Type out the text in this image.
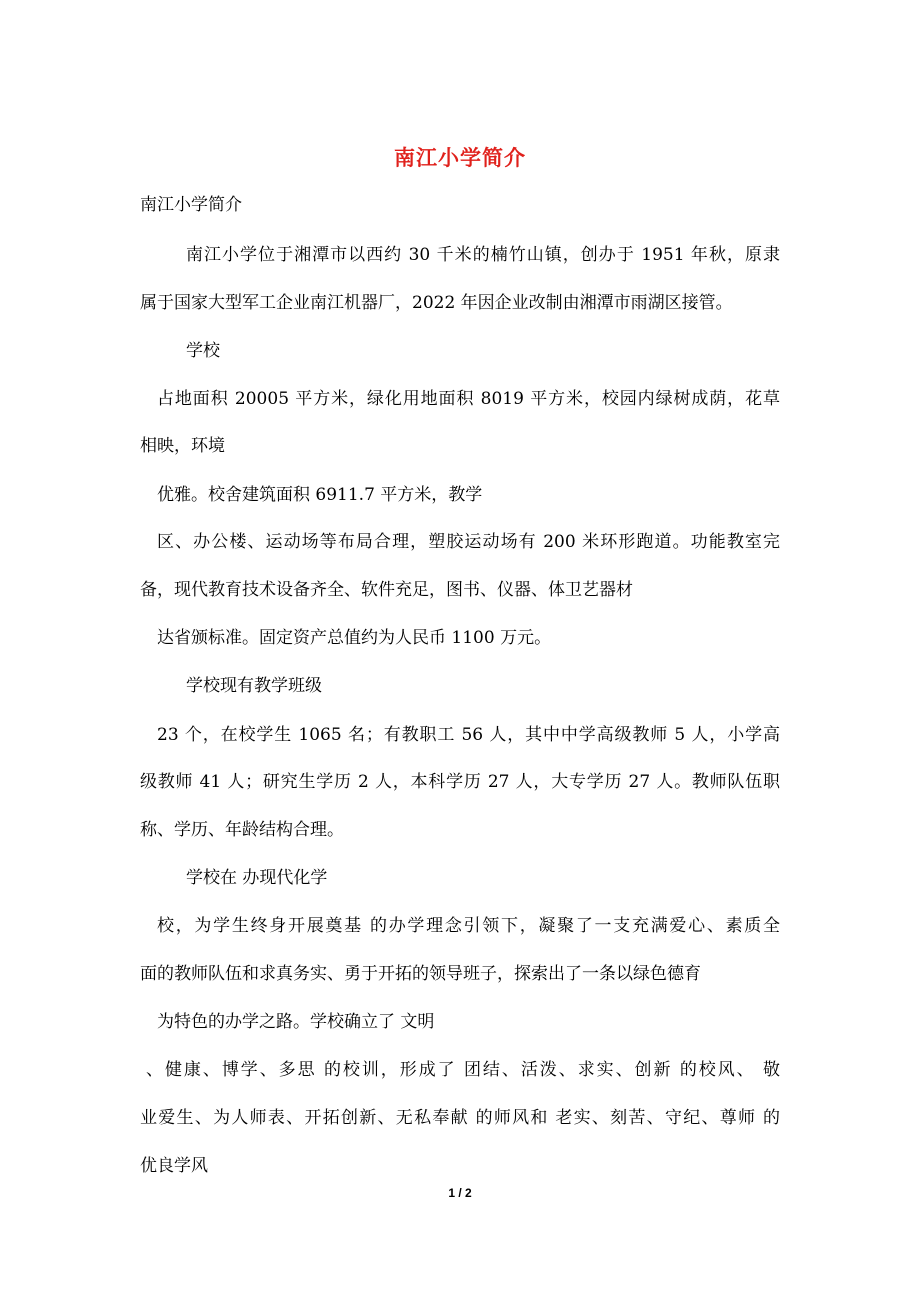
南江小学简介
南江小学简介
南江小学位于湘潭市以西约 30 千米的楠竹山镇，创办于 1951 年秋，原隶
属于国家大型军工企业南江机器厂，2022 年因企业改制由湘潭市雨湖区接管。
学校
占地面积 20005 平方米，绿化用地面积 8019 平方米，校园内绿树成荫，花草
相映，环境
优雅。校舍建筑面积 6911.7 平方米，教学
区、办公楼、运动场等布局合理，塑胶运动场有 200 米环形跑道。功能教室完
备，现代教育技术设备齐全、软件充足，图书、仪器、体卫艺器材
达省颁标准。固定资产总值约为人民币 1100 万元。
学校现有教学班级
23 个，在校学生 1065 名；有教职工 56 人，其中中学高级教师 5 人，小学高
级教师 41 人；研究生学历 2 人，本科学历 27 人，大专学历 27 人。教师队伍职
称、学历、年龄结构合理。
学校在 办现代化学
校，为学生终身开展奠基 的办学理念引领下，凝聚了一支充满爱心、素质全
面的教师队伍和求真务实、勇于开拓的领导班子，探索出了一条以绿色德育
为特色的办学之路。学校确立了 文明
、健康、博学、多思 的校训，形成了 团结、活泼、求实、创新 的校风、 敬
业爱生、为人师表、开拓创新、无私奉献 的师风和 老实、刻苦、守纪、尊师 的
优良学风
1 / 2
